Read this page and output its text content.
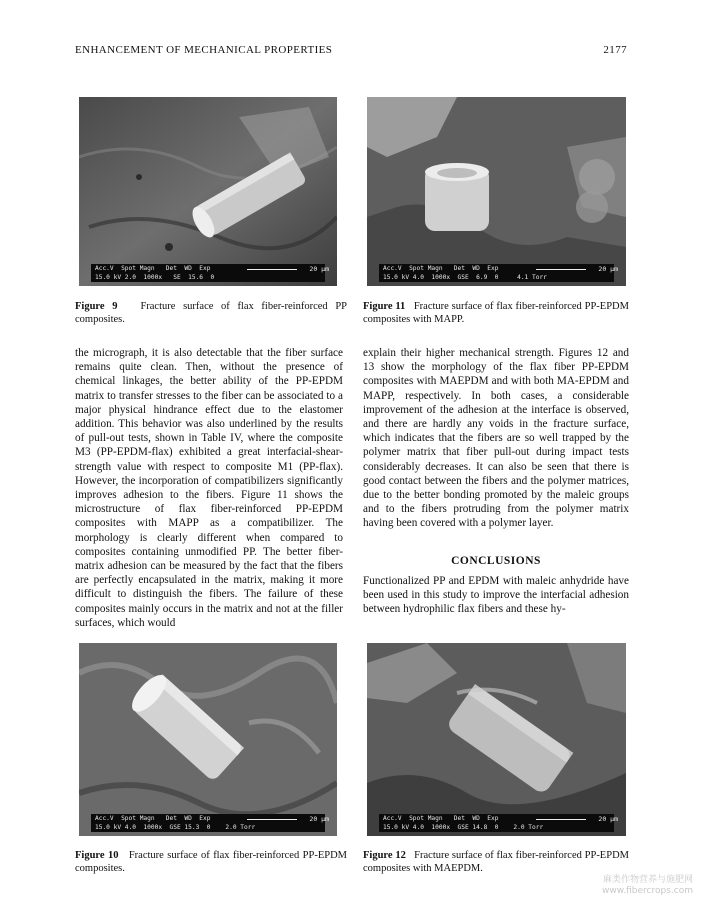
ENHANCEMENT OF MECHANICAL PROPERTIES	2177
Acc.V  Spot Magn   Det  WD  Exp
15.0 kV 2.0  1000x   SE  15.6  0
20 µm
Figure 9 Fracture surface of flax fiber-reinforced PP composites.
Acc.V  Spot Magn   Det  WD  Exp
15.0 kV 4.0  1000x  GSE  6.9  0     4.1 Torr
20 µm
Figure 11 Fracture surface of flax fiber-reinforced PP-EPDM composites with MAPP.

the micrograph, it is also detectable that the fiber surface remains quite clean. Then, without the presence of chemical linkages, the better ability of the PP-EPDM matrix to transfer stresses to the fiber can be associated to a major physical hindrance effect due to the elastomer addition. This behavior was also underlined by the results of pull-out tests, shown in Table IV, where the composite M3 (PP-EPDM-flax) exhibited a great interfacial-shear-strength value with respect to composite M1 (PP-flax). However, the incorporation of compatibilizers significantly improves adhesion to the fibers. Figure 11 shows the microstructure of flax fiber-reinforced PP-EPDM composites with MAPP as a compatibilizer. The morphology is clearly different when compared to composites containing unmodified PP. The better fiber-matrix adhesion can be measured by the fact that the fibers are perfectly encapsulated in the matrix, making it more difficult to distinguish the fibers. The failure of these composites mainly occurs in the matrix and not at the filler surfaces, which would

explain their higher mechanical strength. Figures 12 and 13 show the morphology of the flax fiber PP-EPDM composites with MAEPDM and with both MA-EPDM and MAPP, respectively. In both cases, a considerable improvement of the adhesion at the interface is observed, and there are hardly any voids in the fracture surface, which indicates that the fibers are so well trapped by the polymer matrix that fiber pull-out during impact tests considerably decreases. It can also be seen that there is good contact between the fibers and the polymer matrices, due to the better bonding promoted by the maleic groups and to the fibers protruding from the polymer matrix having been covered with a polymer layer.

CONCLUSIONS

Functionalized PP and EPDM with maleic anhydride have been used in this study to improve the interfacial adhesion between hydrophilic flax fibers and these hy-

Acc.V  Spot Magn   Det  WD  Exp
15.0 kV 4.0  1000x  GSE 15.3  0    2.0 Torr
20 µm
Figure 10 Fracture surface of flax fiber-reinforced PP-EPDM composites.
Acc.V  Spot Magn   Det  WD  Exp
15.0 kV 4.0  1000x  GSE 14.8  0    2.0 Torr
20 µm
Figure 12 Fracture surface of flax fiber-reinforced PP-EPDM composites with MAEPDM.
麻类作物营养与施肥网
www.fibercrops.com
